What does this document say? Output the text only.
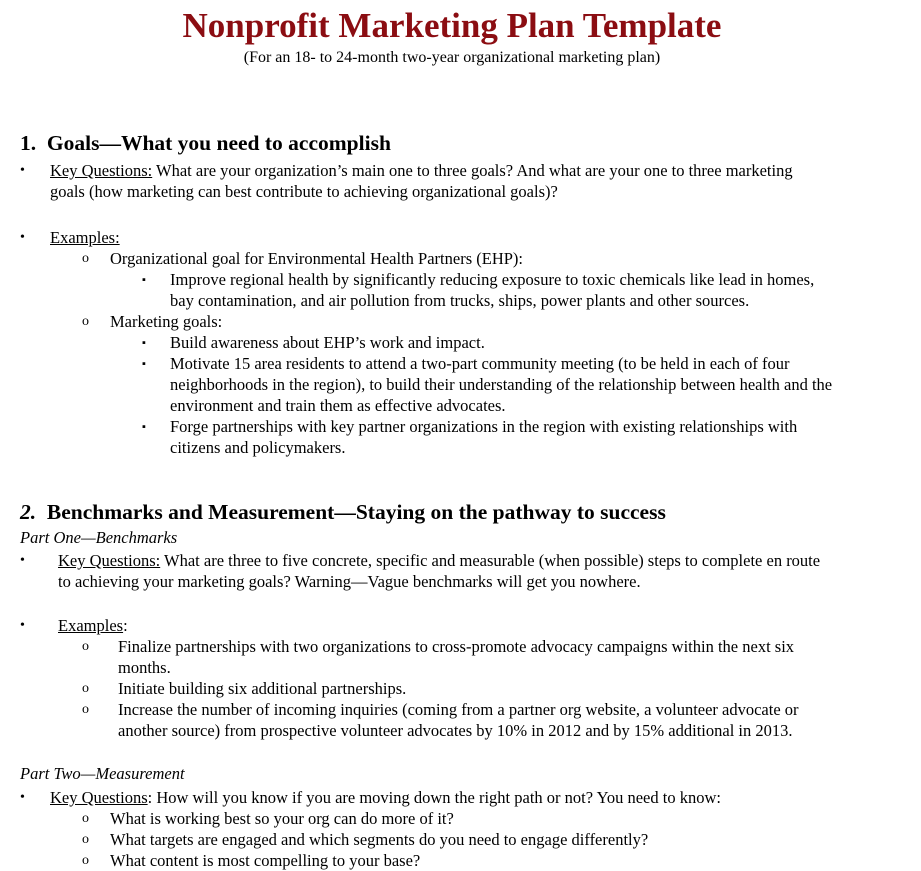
Nonprofit Marketing Plan Template
(For an 18- to 24-month two-year organizational marketing plan)
1. Goals—What you need to accomplish
• Key Questions: What are your organization’s main one to three goals? And what are your one to three marketing
goals (how marketing can best contribute to achieving organizational goals)?
• Examples:
o Organizational goal for Environmental Health Partners (EHP):
▪ Improve regional health by significantly reducing exposure to toxic chemicals like lead in homes,
bay contamination, and air pollution from trucks, ships, power plants and other sources.
o Marketing goals:
▪ Build awareness about EHP’s work and impact.
▪ Motivate 15 area residents to attend a two-part community meeting (to be held in each of four
neighborhoods in the region), to build their understanding of the relationship between health and the
environment and train them as effective advocates.
▪ Forge partnerships with key partner organizations in the region with existing relationships with
citizens and policymakers.
2. Benchmarks and Measurement—Staying on the pathway to success
Part One—Benchmarks
• Key Questions: What are three to five concrete, specific and measurable (when possible) steps to complete en route
to achieving your marketing goals? Warning—Vague benchmarks will get you nowhere.
• Examples:
o Finalize partnerships with two organizations to cross-promote advocacy campaigns within the next six
months.
o Initiate building six additional partnerships.
o Increase the number of incoming inquiries (coming from a partner org website, a volunteer advocate or
another source) from prospective volunteer advocates by 10% in 2012 and by 15% additional in 2013.
Part Two—Measurement
• Key Questions: How will you know if you are moving down the right path or not? You need to know:
o What is working best so your org can do more of it?
o What targets are engaged and which segments do you need to engage differently?
o What content is most compelling to your base?
